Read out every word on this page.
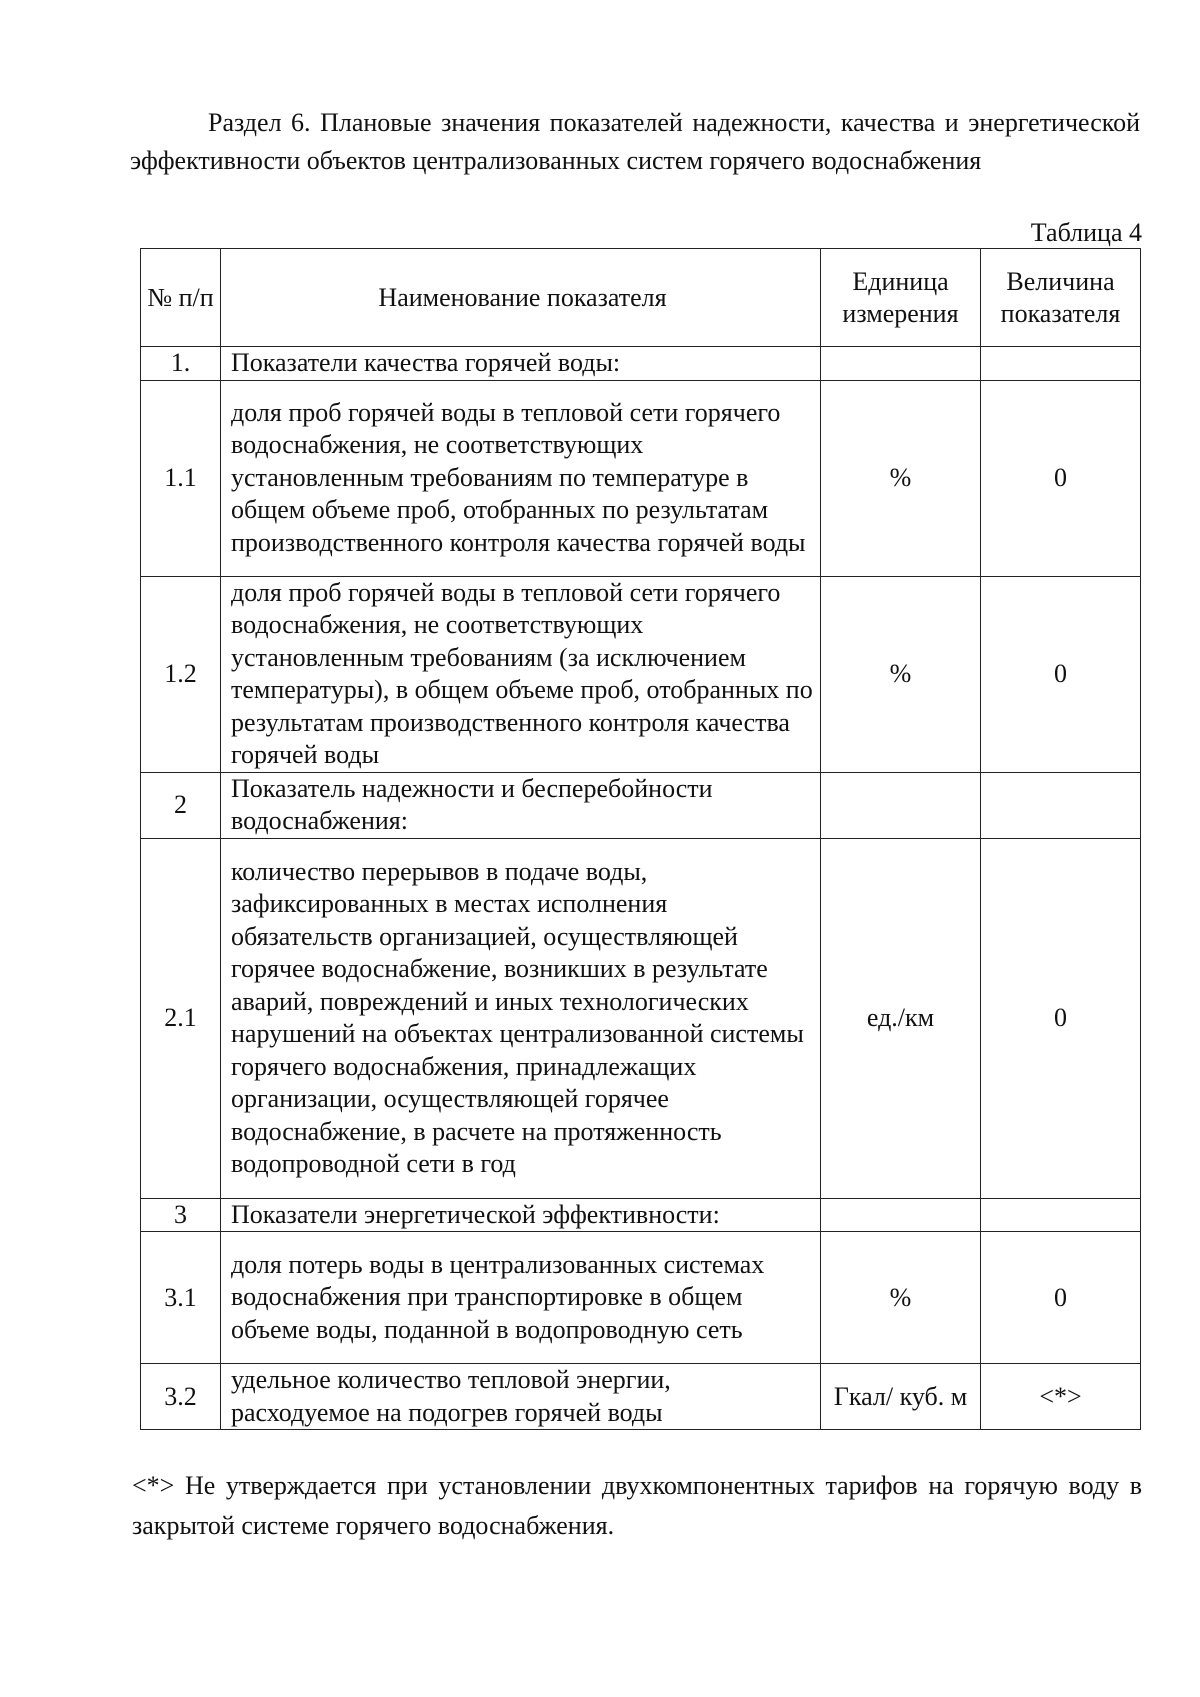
Раздел 6. Плановые значения показателей надежности, качества и энергетической эффективности объектов централизованных систем горячего водоснабжения

Таблица 4
№ п/п	Наименование показателя	Единица измерения	Величина показателя
1.	Показатели качества горячей воды:		
1.1	доля проб горячей воды в тепловой сети горячего водоснабжения, не соответствующих установленным требованиям по температуре в общем объеме проб, отобранных по результатам производственного контроля качества горячей воды	%	0
1.2	доля проб горячей воды в тепловой сети горячего водоснабжения, не соответствующих установленным требованиям (за исключением температуры), в общем объеме проб, отобранных по результатам производственного контроля качества горячей воды	%	0
2	Показатель надежности и бесперебойности водоснабжения:		
2.1	количество перерывов в подаче воды, зафиксированных в местах исполнения обязательств организацией, осуществляющей горячее водоснабжение, возникших в результате аварий, повреждений и иных технологических нарушений на объектах централизованной системы горячего водоснабжения, принадлежащих организации, осуществляющей горячее водоснабжение, в расчете на протяженность водопроводной сети в год	ед./км	0
3	Показатели энергетической эффективности:		
3.1	доля потерь воды в централизованных системах водоснабжения при транспортировке в общем объеме воды, поданной в водопроводную сеть	%	0
3.2	удельное количество тепловой энергии, расходуемое на подогрев горячей воды	Гкал/ куб. м	<*>

<*> Не утверждается при установлении двухкомпонентных тарифов на горячую воду в закрытой системе горячего водоснабжения.
